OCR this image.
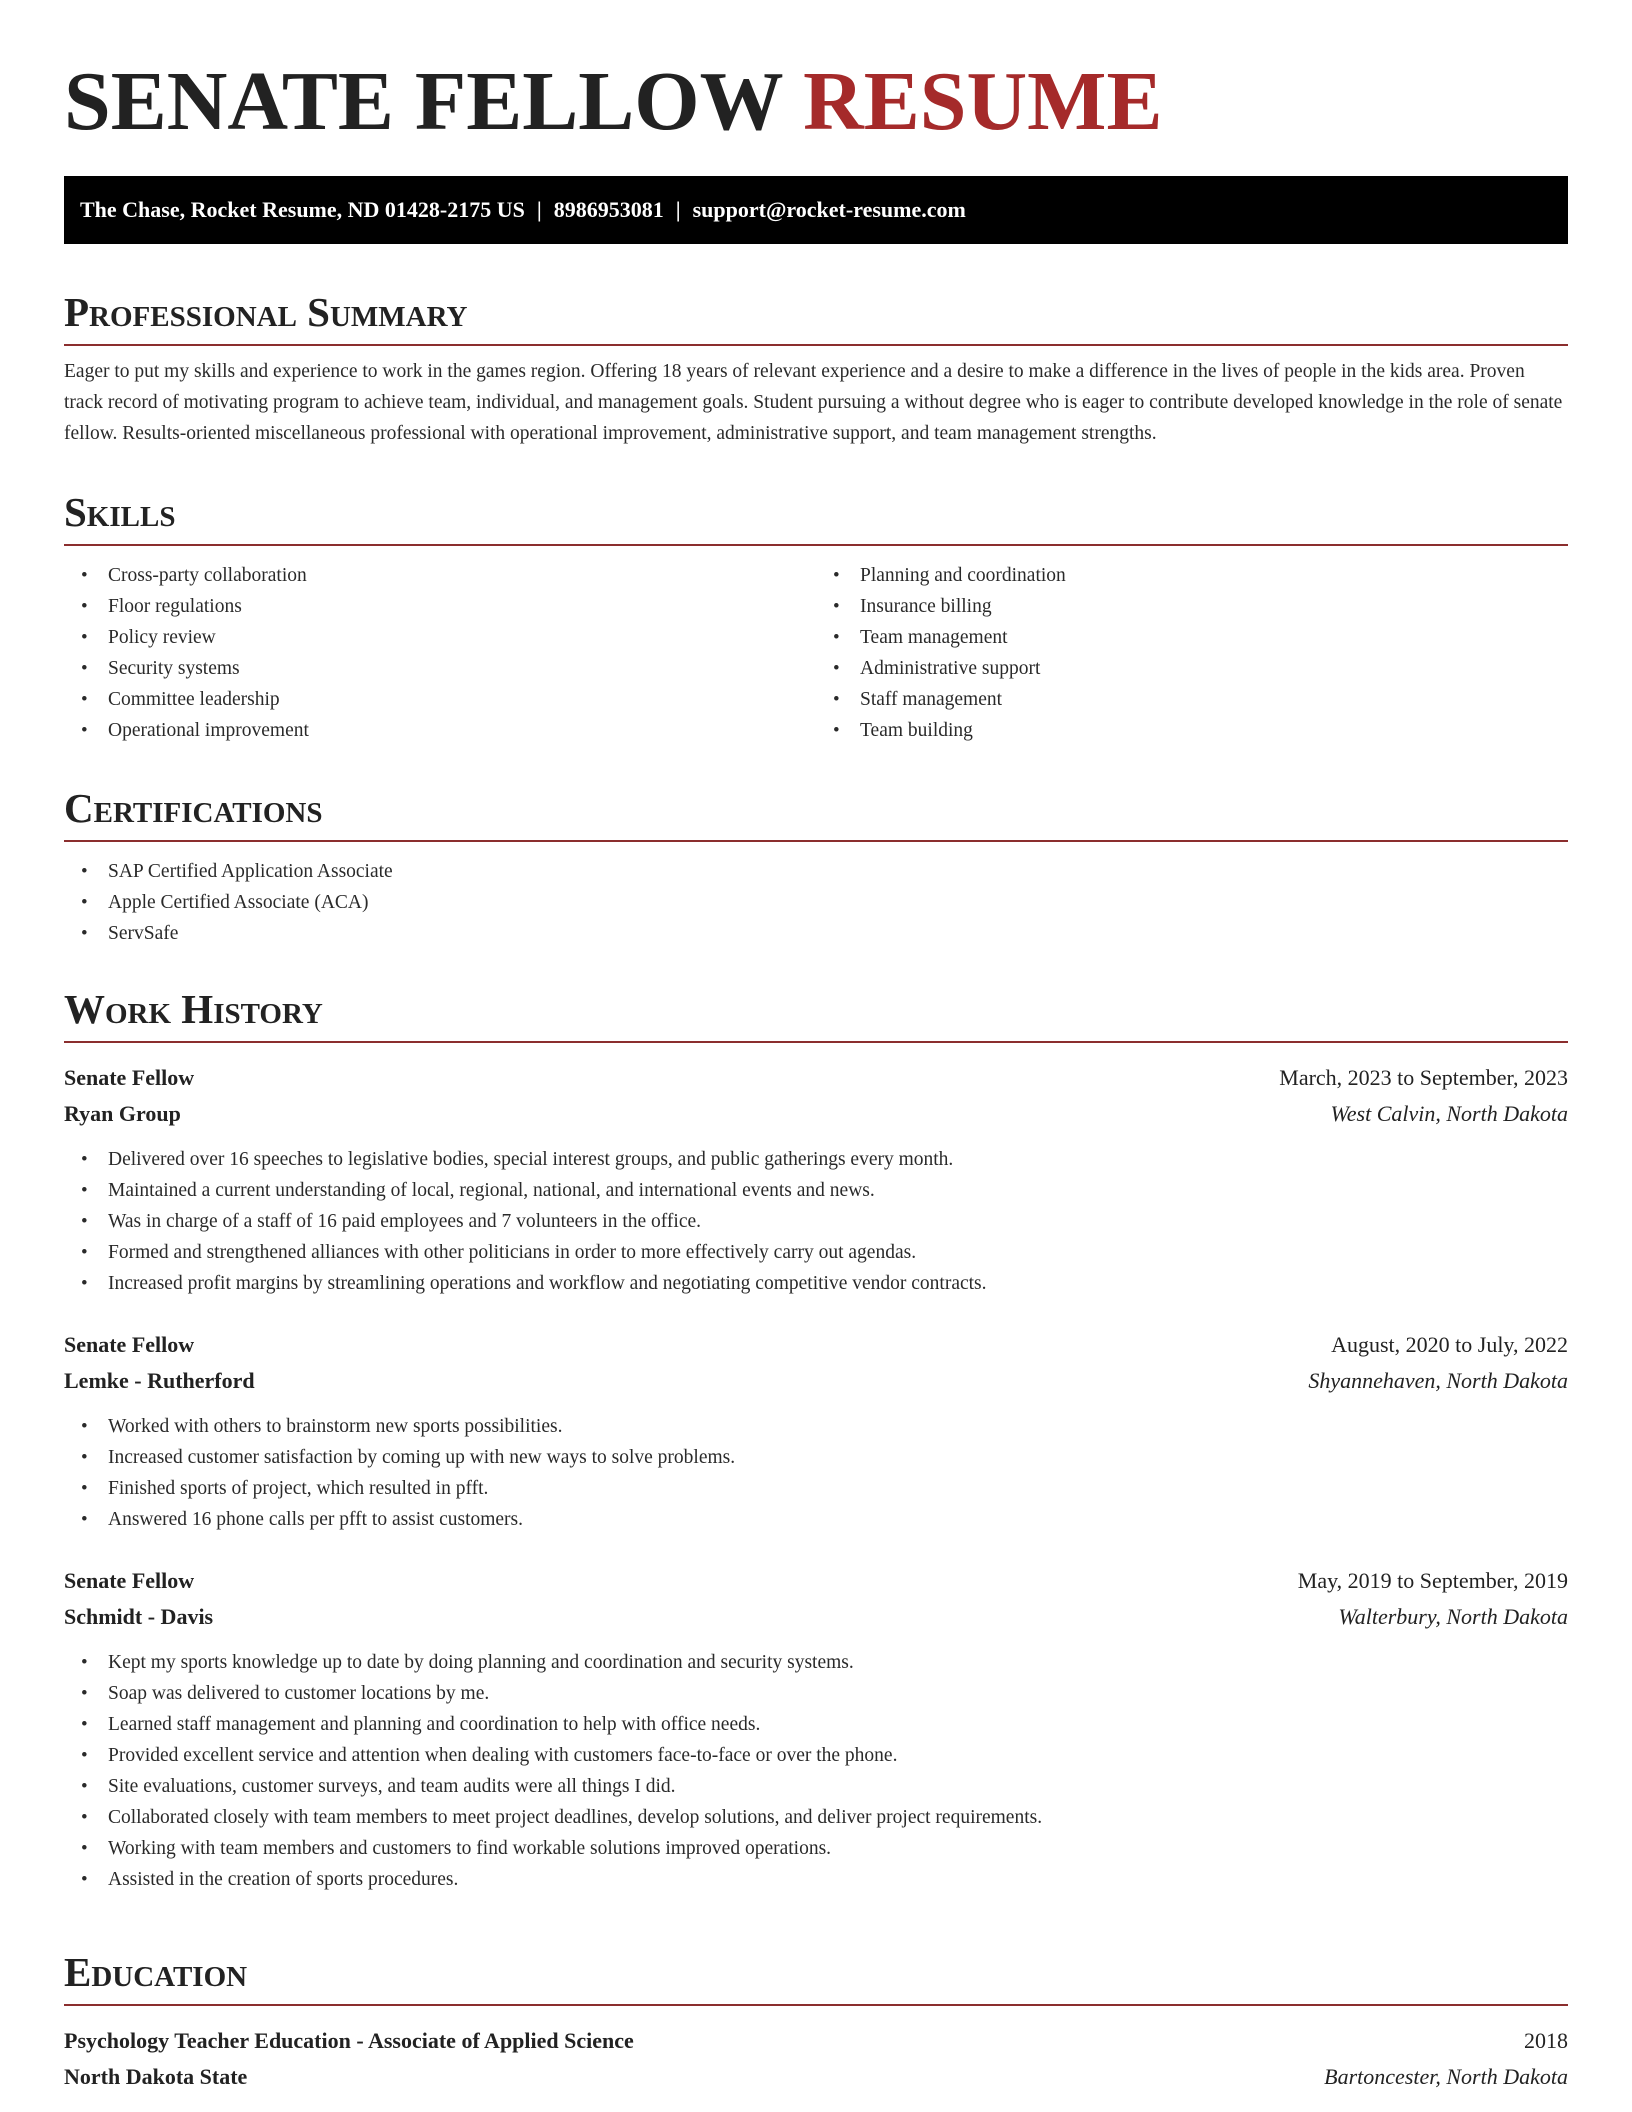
SENATE FELLOW RESUME
The Chase, Rocket Resume, ND 01428-2175 US | 8986953081 | support@rocket-resume.com
Professional Summary

Eager to put my skills and experience to work in the games region. Offering 18 years of relevant experience and a desire to make a difference in the lives of people in the kids area. Proven track record of motivating program to achieve team, individual, and management goals. Student pursuing a without degree who is eager to contribute developed knowledge in the role of senate fellow. Results-oriented miscellaneous professional with operational improvement, administrative support, and team management strengths.

Skills
• Cross-party collaboration
• Floor regulations
• Policy review
• Security systems
• Committee leadership
• Operational improvement
• Planning and coordination
• Insurance billing
• Team management
• Administrative support
• Staff management
• Team building
Certifications
• SAP Certified Application Associate
• Apple Certified Associate (ACA)
• ServSafe
Work History
Senate Fellow	March, 2023 to September, 2023
Ryan Group	West Calvin, North Dakota
• Delivered over 16 speeches to legislative bodies, special interest groups, and public gatherings every month.
• Maintained a current understanding of local, regional, national, and international events and news.
• Was in charge of a staff of 16 paid employees and 7 volunteers in the office.
• Formed and strengthened alliances with other politicians in order to more effectively carry out agendas.
• Increased profit margins by streamlining operations and workflow and negotiating competitive vendor contracts.
Senate Fellow	August, 2020 to July, 2022
Lemke - Rutherford	Shyannehaven, North Dakota
• Worked with others to brainstorm new sports possibilities.
• Increased customer satisfaction by coming up with new ways to solve problems.
• Finished sports of project, which resulted in pfft.
• Answered 16 phone calls per pfft to assist customers.
Senate Fellow	May, 2019 to September, 2019
Schmidt - Davis	Walterbury, North Dakota
• Kept my sports knowledge up to date by doing planning and coordination and security systems.
• Soap was delivered to customer locations by me.
• Learned staff management and planning and coordination to help with office needs.
• Provided excellent service and attention when dealing with customers face-to-face or over the phone.
• Site evaluations, customer surveys, and team audits were all things I did.
• Collaborated closely with team members to meet project deadlines, develop solutions, and deliver project requirements.
• Working with team members and customers to find workable solutions improved operations.
• Assisted in the creation of sports procedures.
Education
Psychology Teacher Education - Associate of Applied Science	2018
North Dakota State	Bartoncester, North Dakota
